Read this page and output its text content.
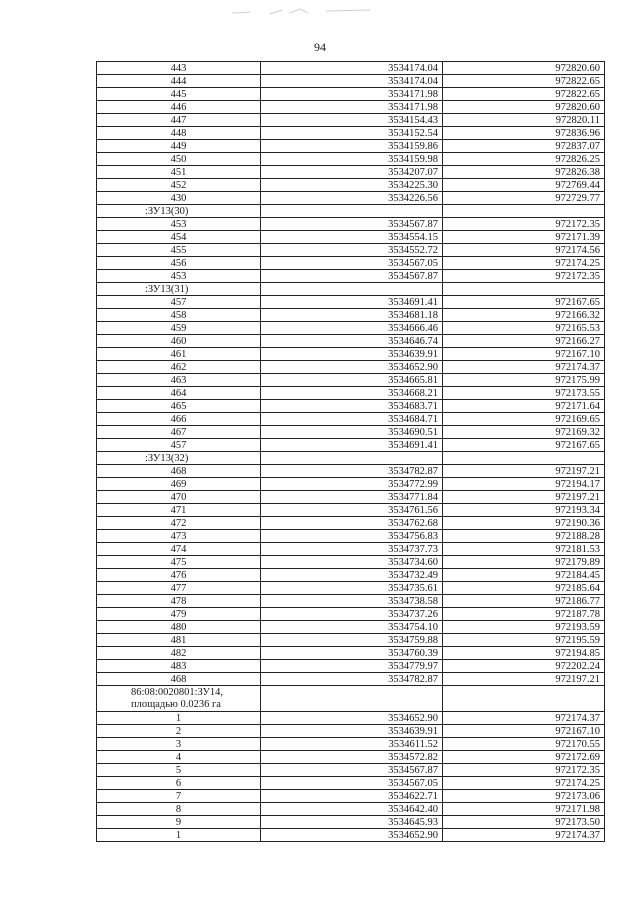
94
443	3534174.04	972820.60
444	3534174.04	972822.65
445	3534171.98	972822.65
446	3534171.98	972820.60
447	3534154.43	972820.11
448	3534152.54	972836.96
449	3534159.86	972837.07
450	3534159.98	972826.25
451	3534207.07	972826.38
452	3534225.30	972769.44
430	3534226.56	972729.77
:ЗУ13(30)		
453	3534567.87	972172.35
454	3534554.15	972171.39
455	3534552.72	972174.56
456	3534567.05	972174.25
453	3534567.87	972172.35
:ЗУ13(31)		
457	3534691.41	972167.65
458	3534681.18	972166.32
459	3534666.46	972165.53
460	3534646.74	972166.27
461	3534639.91	972167.10
462	3534652.90	972174.37
463	3534665.81	972175.99
464	3534668.21	972173.55
465	3534683.71	972171.64
466	3534684.71	972169.65
467	3534690.51	972169.32
457	3534691.41	972167.65
:ЗУ13(32)		
468	3534782.87	972197.21
469	3534772.99	972194.17
470	3534771.84	972197.21
471	3534761.56	972193.34
472	3534762.68	972190.36
473	3534756.83	972188.28
474	3534737.73	972181.53
475	3534734.60	972179.89
476	3534732.49	972184.45
477	3534735.61	972185.64
478	3534738.58	972186.77
479	3534737.26	972187.78
480	3534754.10	972193.59
481	3534759.88	972195.59
482	3534760.39	972194.85
483	3534779.97	972202.24
468	3534782.87	972197.21
86:08:0020801:ЗУ14, площадью 0.0236 га		
1	3534652.90	972174.37
2	3534639.91	972167.10
3	3534611.52	972170.55
4	3534572.82	972172.69
5	3534567.87	972172.35
6	3534567.05	972174.25
7	3534622.71	972173.06
8	3534642.40	972171.98
9	3534645.93	972173.50
1	3534652.90	972174.37
